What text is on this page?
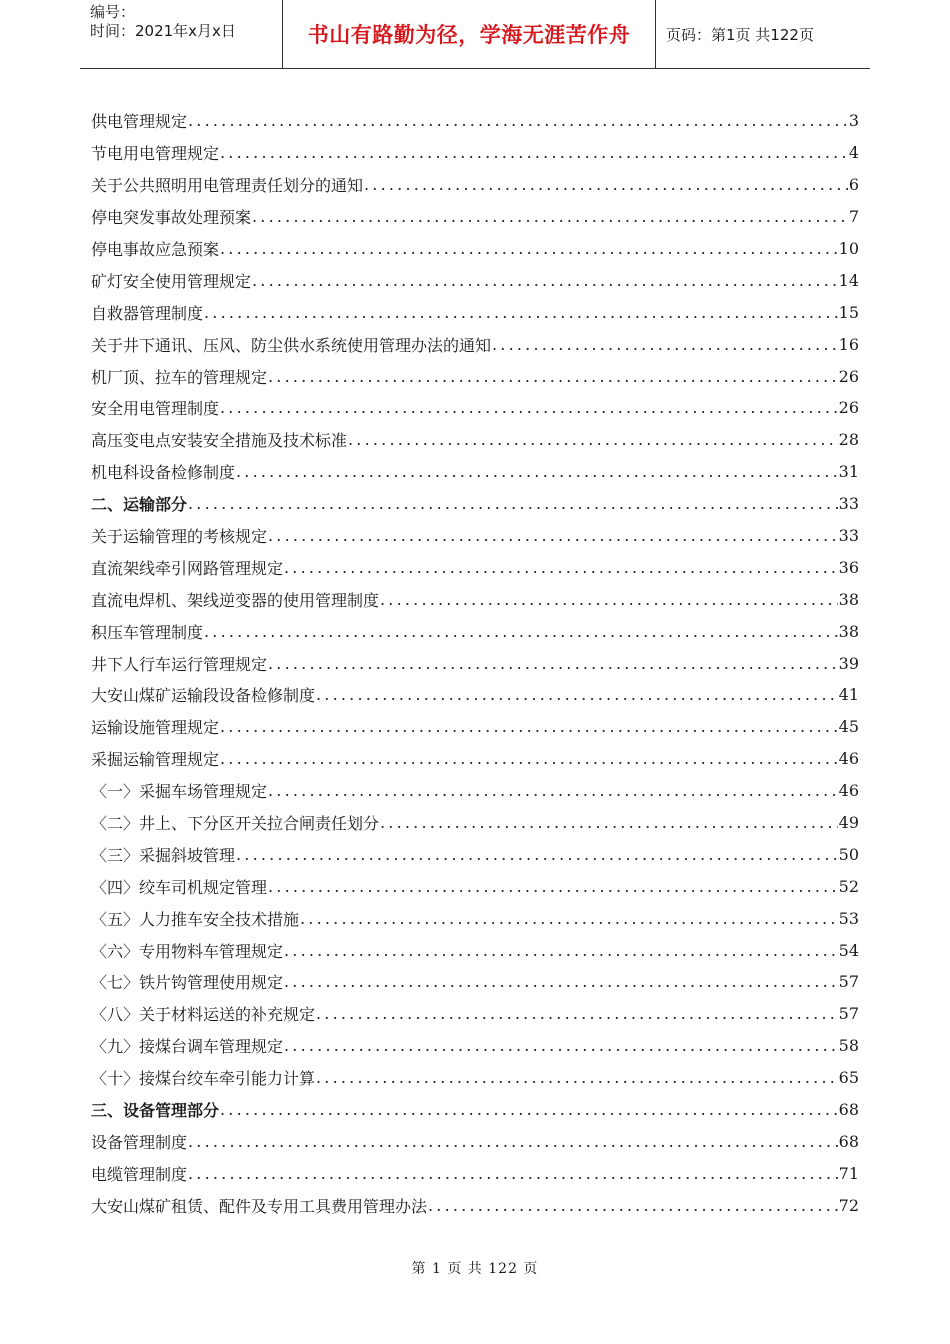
编号：
时间：2021年x月x日	书山有路勤为径，学海无涯苦作舟	页码：第1页 共122页
供电管理规定 .....	3
节电用电管理规定 .....	4
关于公共照明用电管理责任划分的通知 .....	6
停电突发事故处理预案 .....	7
停电事故应急预案 .....	10
矿灯安全使用管理规定 .....	14
自救器管理制度 .....	15
关于井下通讯、压风、防尘供水系统使用管理办法的通知 .....	16
机厂顶、拉车的管理规定 .....	26
安全用电管理制度 .....	26
高压变电点安装安全措施及技术标准 .....	28
机电科设备检修制度 .....	31
二、运输部分 .....	33
关于运输管理的考核规定 .....	33
直流架线牵引网路管理规定 .....	36
直流电焊机、架线逆变器的使用管理制度 .....	38
积压车管理制度 .....	38
井下人行车运行管理规定 .....	39
大安山煤矿运输段设备检修制度 .....	41
运输设施管理规定 .....	45
采掘运输管理规定 .....	46
〈一〉采掘车场管理规定 .....	46
〈二〉井上、下分区开关拉合闸责任划分 .....	49
〈三〉采掘斜坡管理 .....	50
〈四〉绞车司机规定管理 .....	52
〈五〉人力推车安全技术措施 .....	53
〈六〉专用物料车管理规定 .....	54
〈七〉铁片钩管理使用规定 .....	57
〈八〉关于材料运送的补充规定 .....	57
〈九〉接煤台调车管理规定 .....	58
〈十〉接煤台绞车牵引能力计算 .....	65
三、设备管理部分 .....	68
设备管理制度 .....	68
电缆管理制度 .....	71
大安山煤矿租赁、配件及专用工具费用管理办法 .....	72
第 1 页 共 122 页
